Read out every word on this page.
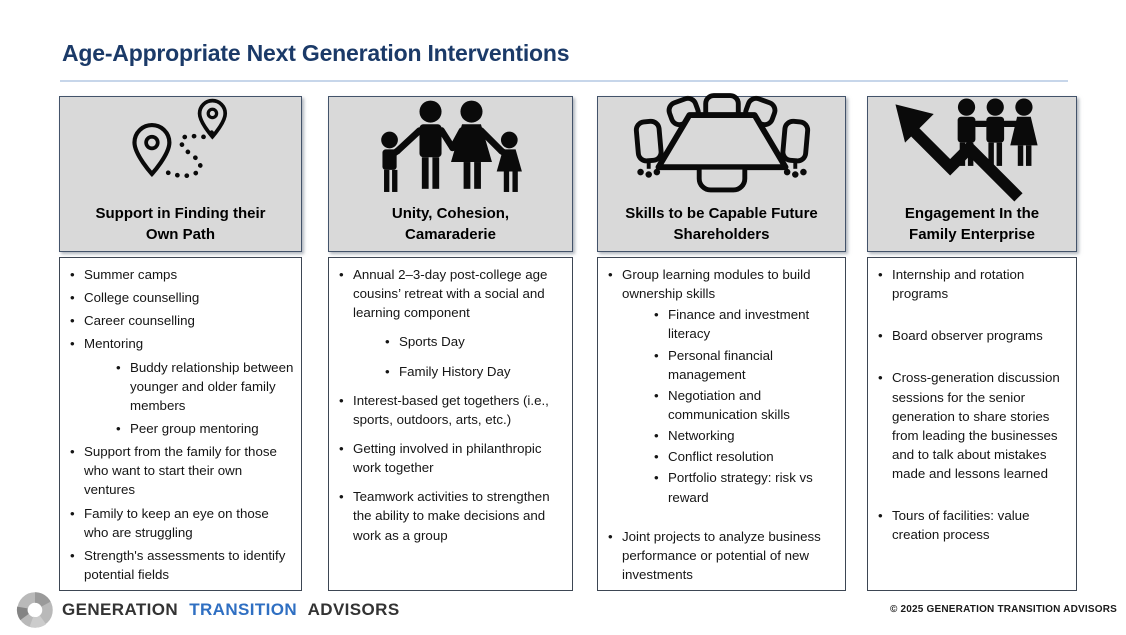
Age-Appropriate Next Generation Interventions
Support in Finding their
Own Path
• Summer camps
• College counselling
• Career counselling
• Mentoring
• Buddy relationship between younger and older family members
• Peer group mentoring
• Support from the family for those who want to start their own ventures
• Family to keep an eye on those who are struggling
• Strength's assessments to identify potential fields
Unity, Cohesion,
Camaraderie
• Annual 2–3-day post-college age cousins’ retreat with a social and learning component
• Sports Day
• Family History Day
• Interest-based get togethers (i.e., sports, outdoors, arts, etc.)
• Getting involved in philanthropic work together
• Teamwork activities to strengthen the ability to make decisions and work as a group
Skills to be Capable Future
Shareholders
• Group learning modules to build ownership skills
• Finance and investment literacy
• Personal financial management
• Negotiation and communication skills
• Networking
• Conflict resolution
• Portfolio strategy: risk vs reward
• Joint projects to analyze business performance or potential of new investments
Engagement In the
Family Enterprise
• Internship and rotation programs
• Board observer programs
• Cross-generation discussion sessions for the senior generation to share stories from leading the businesses and to talk about mistakes made and lessons learned
• Tours of facilities: value creation process
GENERATION TRANSITION ADVISORS	© 2025 GENERATION TRANSITION ADVISORS
